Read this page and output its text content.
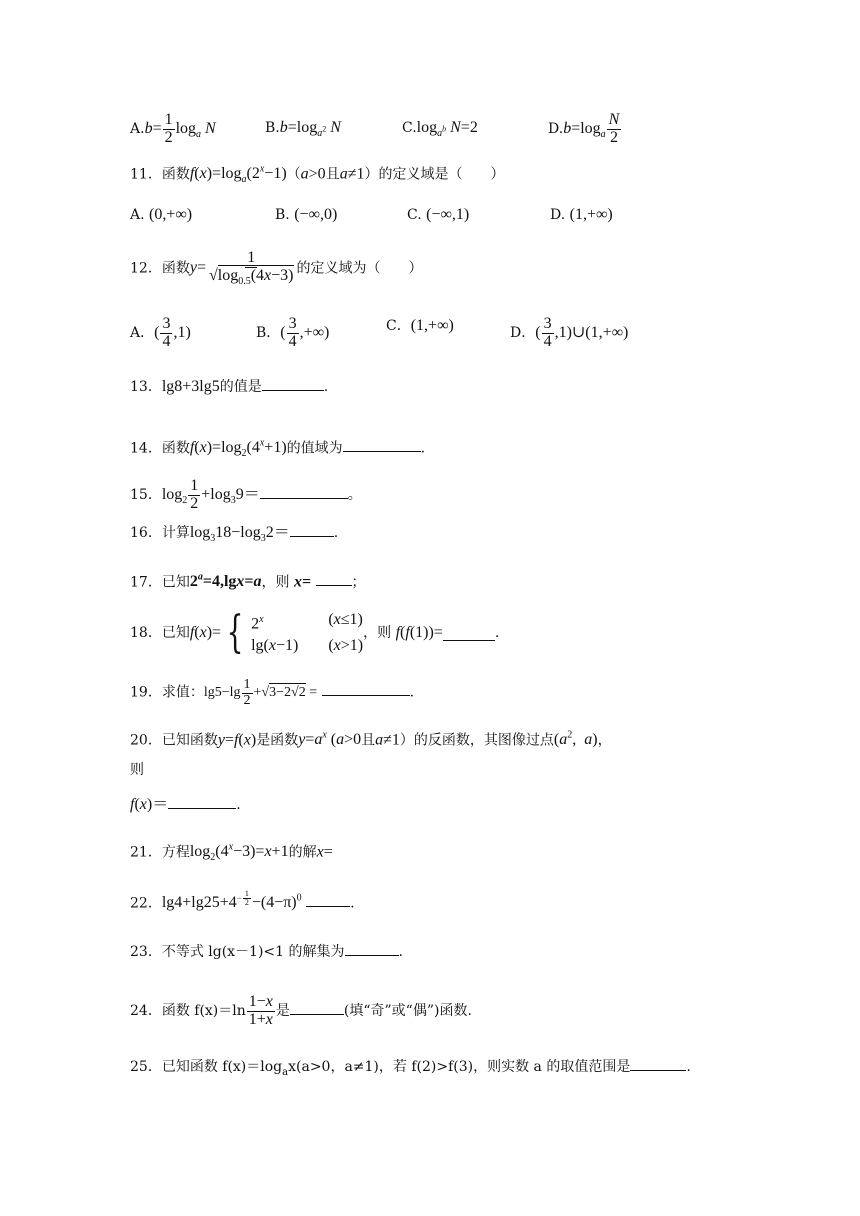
$A.b= \frac{1}{2} \log_a N$	$B.b=\log_{a^2}$ N	$C.\log_{a^b}$ N=2	$D.b=\log_a \frac{N}{2}$
11．函数$f(x)=\log_a(2^x-1)(a>0$且a≠1）的定义域是（　　）
A. (0,+∞)	B. (−∞,0)	C. (−∞,1)	D. (1,+∞)
12．函数$y= \frac{1}{√\log_{0.5}(4x-3)}$ 的定义域为（　　）
A．( $\frac{3}{4} ,1$)	B．( $\frac{3}{4}$ ,+∞)	C．(1,+∞)	D．( $\frac{3}{4}$ ,1)∪(1,+∞)
13．lg8+3lg5的值是	.
14．函数$f(x)=\log_2(4^x+1)$的值域为	.
15．$\log_2 \frac{1}{2} +\log_39=$	。
16．计算$\log_318-\log_32=$	.
17．已知$2^a=4,\lg x=a$，则 x=	；
18．已知f(x)= { 2$^x$	(x≤1)
lg(x−1) (x>1)
，则 f(f(1))=	.
19．求值：$\lg 5-\lg \frac{1}{2} +√3-2√2$ =	.
20．已知函数y=f(x)是函数$y=a^x$ (a>0且a≠1）的反函数，其图像过点($a^2$,  a)，
则
f(x)＝	.
21．方程$\log_2(4^x-3)=x+1$的解x=
22．$\lg 4+\lg 25+4^{- \frac{1}{2}} -(4-\pi)^0$	.
23．不等式 lg(x－1)<1 的解集为	.
24．函数 $f(x)=\ln \frac{1-x}{1+x}$ 是	(填“奇”或“偶”)函数.
25．已知函数 $f(x)=\log_ax(a>0$，a≠1)，若 f(2)>f(3)，则实数 a 的取值范围是	.
